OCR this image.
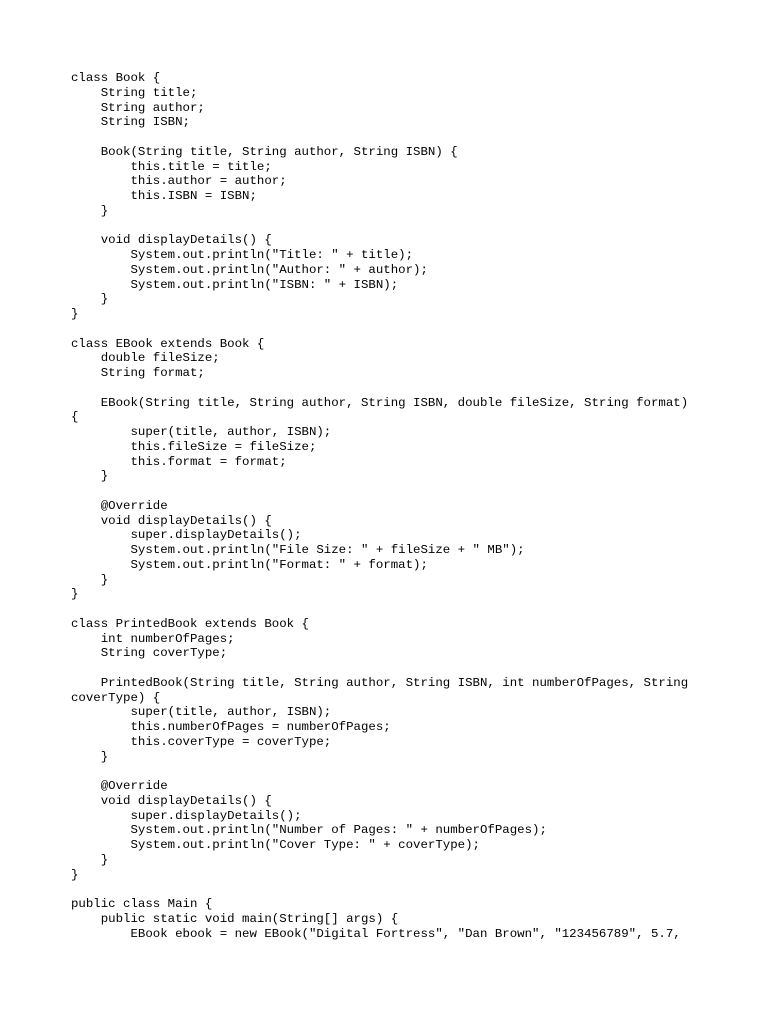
class Book {
String title;
String author;
String ISBN;

Book(String title, String author, String ISBN) {
this.title = title;
this.author = author;
this.ISBN = ISBN;
}

void displayDetails() {
System.out.println("Title: " + title);
System.out.println("Author: " + author);
System.out.println("ISBN: " + ISBN);
}
}

class EBook extends Book {
double fileSize;
String format;

EBook(String title, String author, String ISBN, double fileSize, String format)
{
super(title, author, ISBN);
this.fileSize = fileSize;
this.format = format;
}

@Override
void displayDetails() {
super.displayDetails();
System.out.println("File Size: " + fileSize + " MB");
System.out.println("Format: " + format);
}
}

class PrintedBook extends Book {
int numberOfPages;
String coverType;

PrintedBook(String title, String author, String ISBN, int numberOfPages, String
coverType) {
super(title, author, ISBN);
this.numberOfPages = numberOfPages;
this.coverType = coverType;
}

@Override
void displayDetails() {
super.displayDetails();
System.out.println("Number of Pages: " + numberOfPages);
System.out.println("Cover Type: " + coverType);
}
}

public class Main {
public static void main(String[] args) {
EBook ebook = new EBook("Digital Fortress", "Dan Brown", "123456789", 5.7,
